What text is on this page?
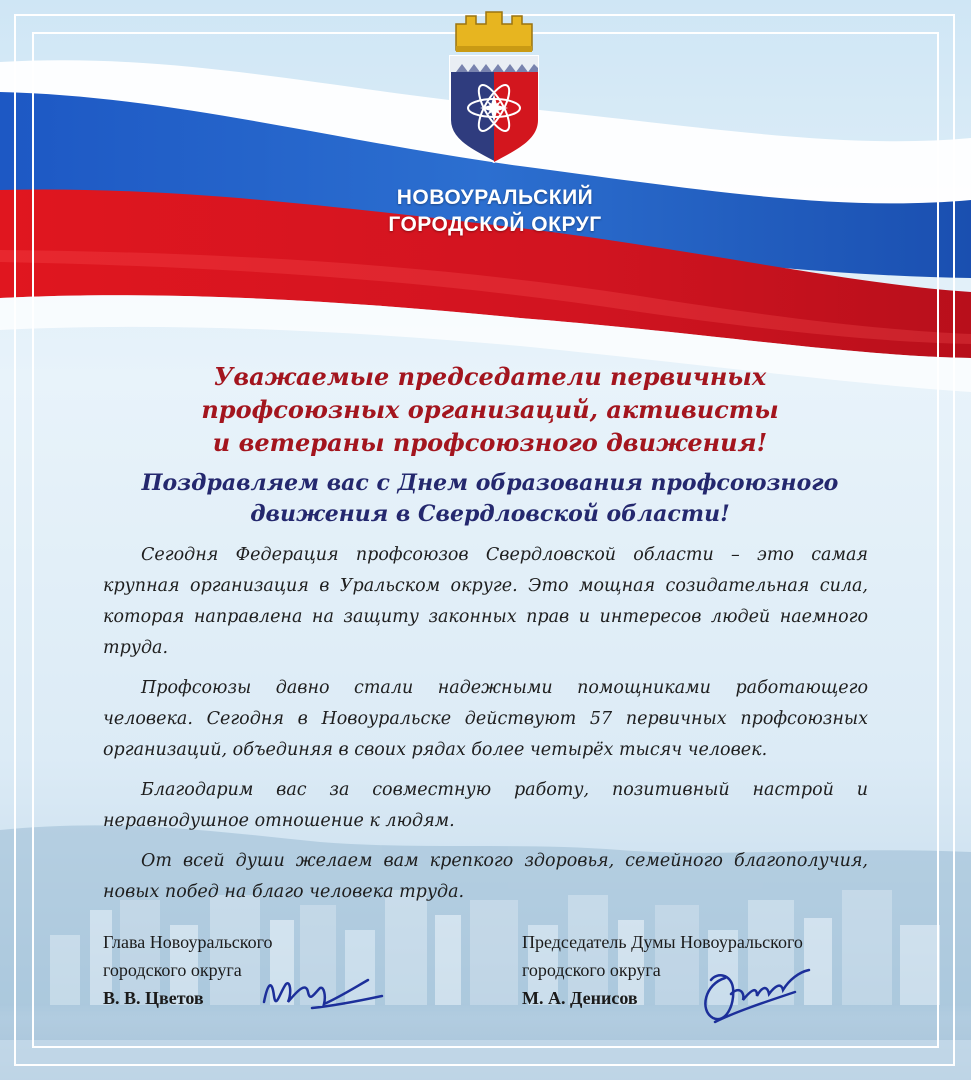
НОВОУРАЛЬСКИЙ
ГОРОДСКОЙ ОКРУГ
Уважаемые председатели первичных
профсоюзных организаций, активисты
и ветераны профсоюзного движения!
Поздравляем вас с Днем образования профсоюзного
движения в Свердловской области!

Сегодня Федерация профсоюзов Свердловской области – это самая крупная организация в Уральском округе. Это мощная созидательная сила, которая направлена на защиту законных прав и интересов людей наемного труда.

Профсоюзы давно стали надежными помощниками работающего человека. Сегодня в Новоуральске действуют 57 первичных профсоюзных организаций, объединяя в своих рядах более четырёх тысяч человек.

Благодарим вас за совместную работу, позитивный настрой и неравнодушное отношение к людям.

От всей души желаем вам крепкого здоровья, семейного благополучия, новых побед на благо человека труда.

Глава Новоуральского
городского округа
В. В. Цветов
Председатель Думы Новоуральского
городского округа
М. А. Денисов
